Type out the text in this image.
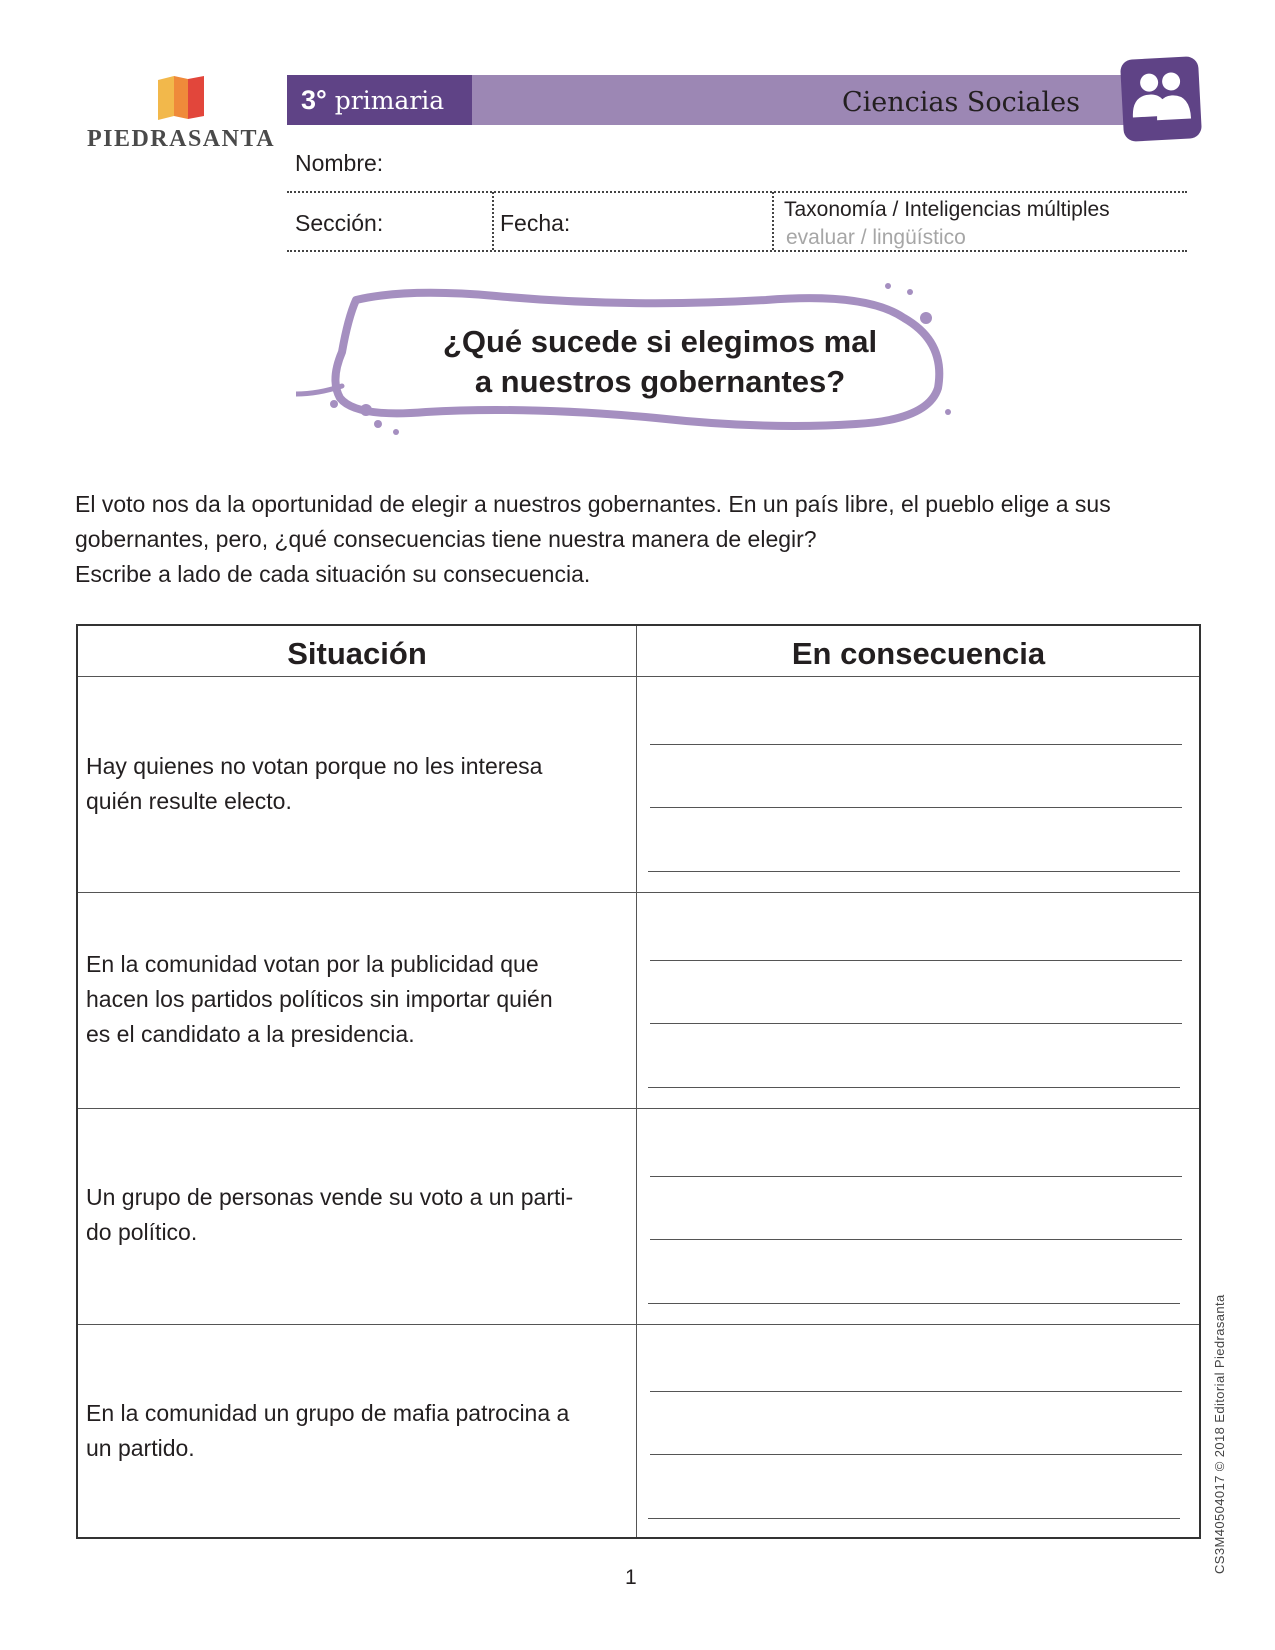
PIEDRASANTA
3° primaria	Ciencias Sociales
Nombre:
Sección:	Fecha:
Taxonomía / Inteligencias múltiples
evaluar / lingüístico
¿Qué sucede si elegimos mal
a nuestros gobernantes?

El voto nos da la oportunidad de elegir a nuestros gobernantes. En un país libre, el pueblo elige a sus

gobernantes, pero, ¿qué consecuencias tiene nuestra manera de elegir?

Escribe a lado de cada situación su consecuencia.

Situación	En consecuencia
Hay quienes no votan porque no les interesa
quién resulte electo.
En la comunidad votan por la publicidad que
hacen los partidos políticos sin importar quién
es el candidato a la presidencia.
Un grupo de personas vende su voto a un parti-
do político.
En la comunidad un grupo de mafia patrocina a
un partido.
1
CS3M40504017 © 2018 Editorial Piedrasanta
